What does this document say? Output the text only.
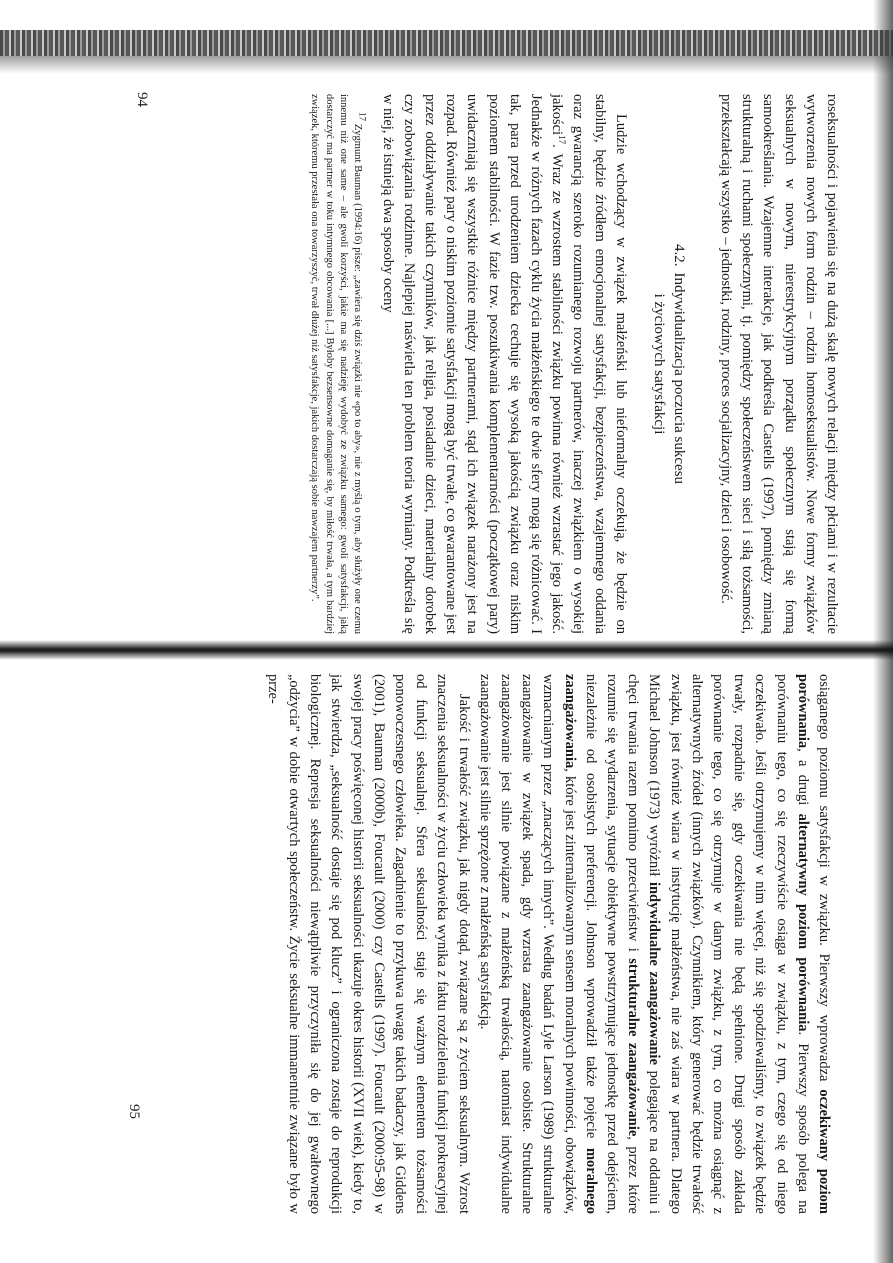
roseksualności i pojawienia się na dużą skalę nowych relacji między płciami i w rezultacie wytworzenia nowych form rodzin – rodzin homoseksualistów. Nowe formy związków seksualnych w nowym, nierestrykcyjnym porządku społecznym stają się formą samookreślania. Wzajemne interakcje, jak podkreśla Castells (1997), pomiędzy zmianą strukturalną i ruchami społecznymi, tj. pomiędzy społeczeństwem sieci i siłą tożsamości, przekształcają wszystko – jednostki, rodziny, proces socjalizacyjny, dzieci i osobowość.

4.2.Indywidualizacja poczucia sukcesu
i życiowych satysfakcji

Ludzie wchodzący w związek małżeński lub nieformalny oczekują, że będzie on stabilny, będzie źródłem emocjonalnej satysfakcji, bezpieczeństwa, wzajemnego oddania oraz gwarancją szeroko rozumianego rozwoju partnerów, inaczej związkiem o wysokiej jakości$^{17}$. Wraz ze wzrostem stabilności związku powinna również wzrastać jego jakość. Jednakże w różnych fazach cyklu życia małżeńskiego te dwie sfery mogą się różnicować. I tak, para przed urodzeniem dziecka cechuje się wysoką jakością związku oraz niskim poziomem stabilności. W fazie tzw. poszukiwania komplementarności (początkowej pary) uwidaczniają się wszystkie różnice między partnerami, stąd ich związek narażony jest na rozpad. Również pary o niskim poziomie satysfakcji mogą być trwałe, co gwarantowane jest przez oddziaływanie takich czynników, jak religia, posiadanie dzieci, materialny dorobek czy zobowiązania rodzinne. Najlepiej naświetla ten problem teoria wymiany. Podkreśla się w niej, że istnieją dwa sposoby oceny

17 Zygmunt Bauman (1994:16) pisze: „zawiera się dziś związki nie «po to aby», nie z myślą o tym, aby służyły one czemu innemu niż one same – ale gwoli korzyści, jakie ma się nadzieję wydobyć ze związku samego: gwoli satysfakcji, jaką dostarczyć ma partner w toku intymnego obcowania [...] Byłoby bezsensowne domaganie się, by miłość trwała, a tym bardziej związek, któremu przestała ona towarzyszyć, trwał dłużej niż satysfakcje, jakich dostarczają sobie nawzajem partnerzy”.
94

osiąganego poziomu satysfakcji w związku. Pierwszy wprowadza oczekiwany poziom porównania, a drugi alternatywny poziom porównania. Pierwszy sposób polega na porównaniu tego, co się rzeczywiście osiąga w związku, z tym, czego się od niego oczekiwało. Jeśli otrzymujemy w nim więcej, niż się spodziewaliśmy, to związek będzie trwały, rozpadnie się, gdy oczekiwania nie będą spełnione. Drugi sposób zakłada porównanie tego, co się otrzymuje w danym związku, z tym, co można osiągnąć z alternatywnych źródeł (innych związków). Czynnikiem, który generować będzie trwałość związku, jest również wiara w instytucję małżeństwa, nie zaś wiara w partnera. Dlatego Michael Johnson (1973) wyróżnił indywidualne zaangażowanie polegające na oddaniu i chęci trwania razem pomimo przeciwieństw i strukturalne zaangażowanie, przez które rozumie się wydarzenia, sytuacje obiektywne powstrzymujące jednostkę przed odejściem, niezależnie od osobistych preferencji. Johnson wprowadził także pojęcie moralnego zaangażowania, które jest zinternalizowanym sensem moralnych powinności, obowiązków, wzmacnianym przez „znaczących innych”. Według badań Lyle Larson (1989) strukturalne zaangażowanie w związek spada, gdy wzrasta zaangażowanie osobiste. Strukturalne zaangażowanie jest silnie powiązane z małżeńską trwałością, natomiast indywidualne zaangażowanie jest silnie sprzężone z małżeńską satysfakcją.

Jakość i trwałość związku, jak nigdy dotąd, związane są z życiem seksualnym. Wzrost znaczenia seksualności w życiu człowieka wynika z faktu rozdzielenia funkcji prokreacyjnej od funkcji seksualnej. Sfera seksualności staje się ważnym elementem tożsamości ponowoczesnego człowieka. Zagadnienie to przykuwa uwagę takich badaczy, jak Giddens (2001), Bauman (2000b), Foucault (2000) czy Castells (1997). Foucault (2000:95-98) w swojej pracy poświęconej historii seksualności ukazuje okres historii (XVII wiek), kiedy to, jak stwierdza, „seksualność dostaje się pod klucz” i ograniczona zostaje do reprodukcji biologicznej. Represja seksualności niewątpliwie przyczyniła się do jej gwałtownego „odżycia” w dobie otwartych społeczeństw. Życie seksualne immanentnie związane było w prze-

95
